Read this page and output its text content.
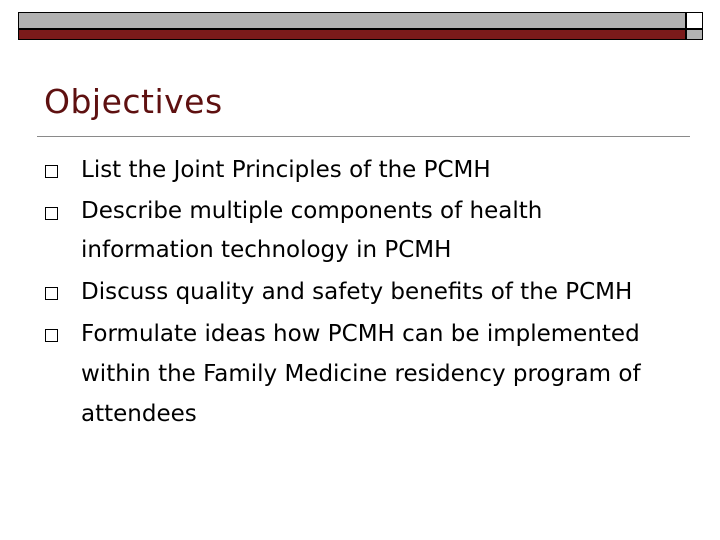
Objectives
List the Joint Principles of the PCMH
Describe multiple components of health information technology in PCMH
Discuss quality and safety benefits of the PCMH
Formulate ideas how PCMH can be implemented within the Family Medicine residency program of attendees
